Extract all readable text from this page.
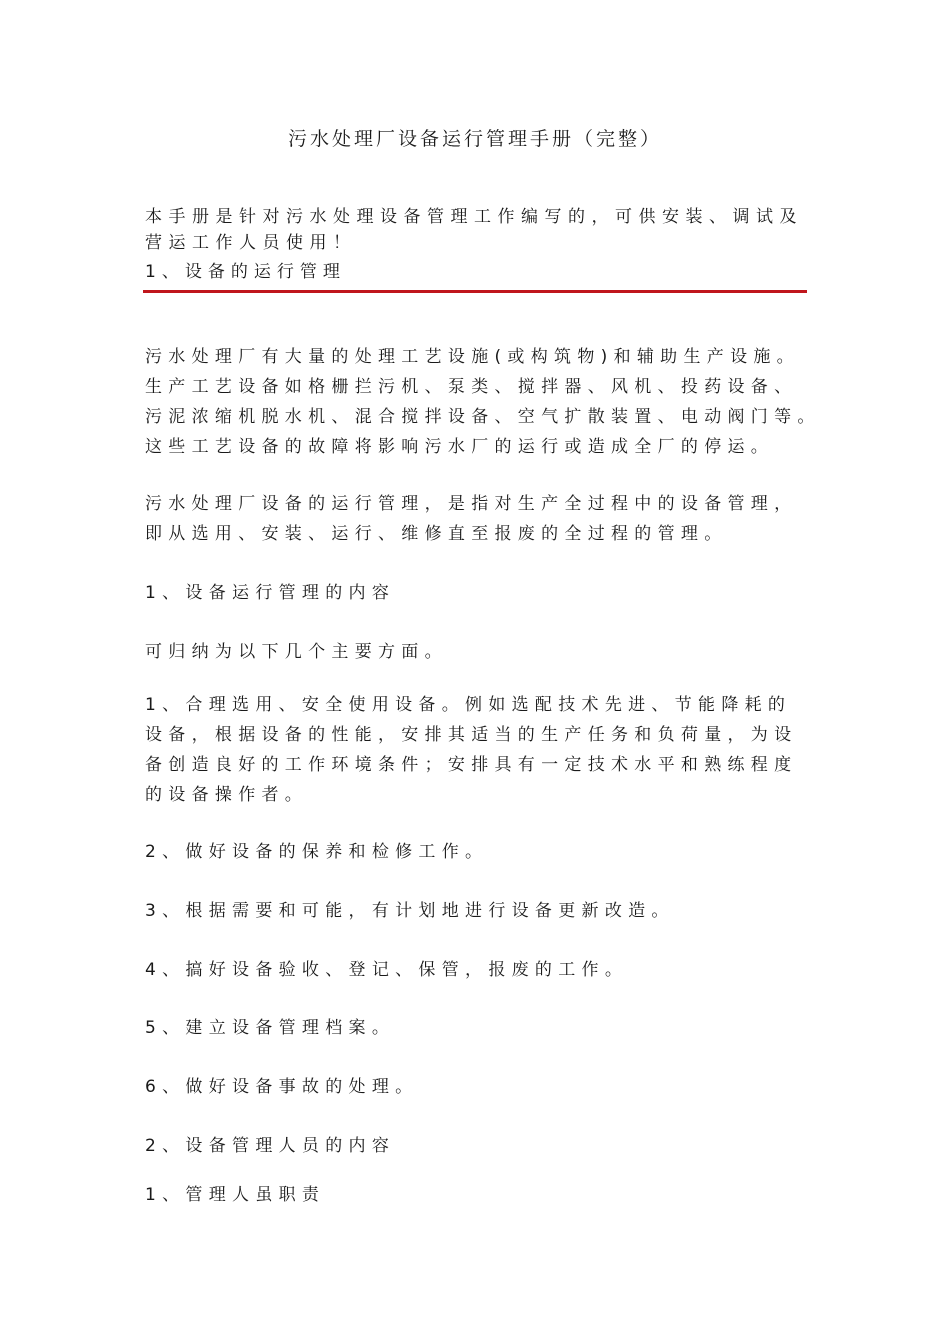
污水处理厂设备运行管理手册（完整）
本手册是针对污水处理设备管理工作编写的，可供安装、调试及
营运工作人员使用！
1、设备的运行管理
污水处理厂有大量的处理工艺设施(或构筑物)和辅助生产设施。
生产工艺设备如格栅拦污机、泵类、搅拌器、风机、投药设备、
污泥浓缩机脱水机、混合搅拌设备、空气扩散装置、电动阀门等。
这些工艺设备的故障将影响污水厂的运行或造成全厂的停运。
污水处理厂设备的运行管理，是指对生产全过程中的设备管理，
即从选用、安装、运行、维修直至报废的全过程的管理。
1、设备运行管理的内容
可归纳为以下几个主要方面。
1、合理选用、安全使用设备。例如选配技术先进、节能降耗的
设备，根据设备的性能，安排其适当的生产任务和负荷量，为设
备创造良好的工作环境条件；安排具有一定技术水平和熟练程度
的设备操作者。
2、做好设备的保养和检修工作。
3、根据需要和可能，有计划地进行设备更新改造。
4、搞好设备验收、登记、保管，报废的工作。
5、建立设备管理档案。
6、做好设备事故的处理。
2、设备管理人员的内容
1、管理人虽职责
